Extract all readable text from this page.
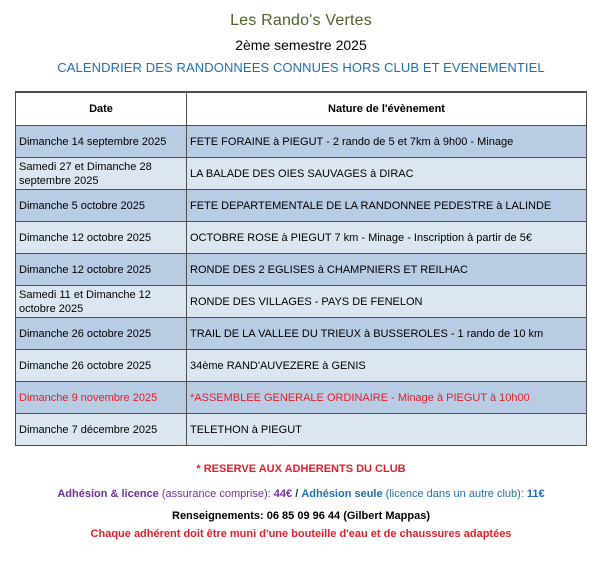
Les Rando's Vertes
2ème semestre 2025
CALENDRIER DES RANDONNEES CONNUES HORS CLUB ET EVENEMENTIEL
Date	Nature de l'évènement
Dimanche 14 septembre 2025	FETE FORAINE à PIEGUT - 2 rando de 5 et 7km à 9h00 - Minage
Samedi 27 et Dimanche 28 septembre 2025	LA BALADE DES OIES SAUVAGES à DIRAC
Dimanche 5 octobre 2025	FETE DEPARTEMENTALE DE LA RANDONNEE PEDESTRE à LALINDE
Dimanche 12 octobre 2025	OCTOBRE ROSE à PIEGUT 7 km - Minage - Inscription à partir de 5€
Dimanche 12 octobre 2025	RONDE DES 2 EGLISES à CHAMPNIERS ET REILHAC
Samedi 11 et Dimanche 12 octobre 2025	RONDE DES VILLAGES - PAYS DE FENELON
Dimanche 26 octobre 2025	TRAIL DE LA VALLEE DU TRIEUX à BUSSEROLES - 1 rando de 10 km
Dimanche 26 octobre 2025	34ème RAND'AUVEZERE à GENIS
Dimanche 9 novembre 2025	*ASSEMBLEE GENERALE ORDINAIRE - Minage à PIEGUT à 10h00
Dimanche 7 décembre 2025	TELETHON à PIEGUT
* RESERVE AUX ADHERENTS DU CLUB
Adhésion & licence (assurance comprise): 44€ / Adhésion seule (licence dans un autre club): 11€
Renseignements: 06 85 09 96 44 (Gilbert Mappas)
Chaque adhérent doit être muni d'une bouteille d'eau et de chaussures adaptées
